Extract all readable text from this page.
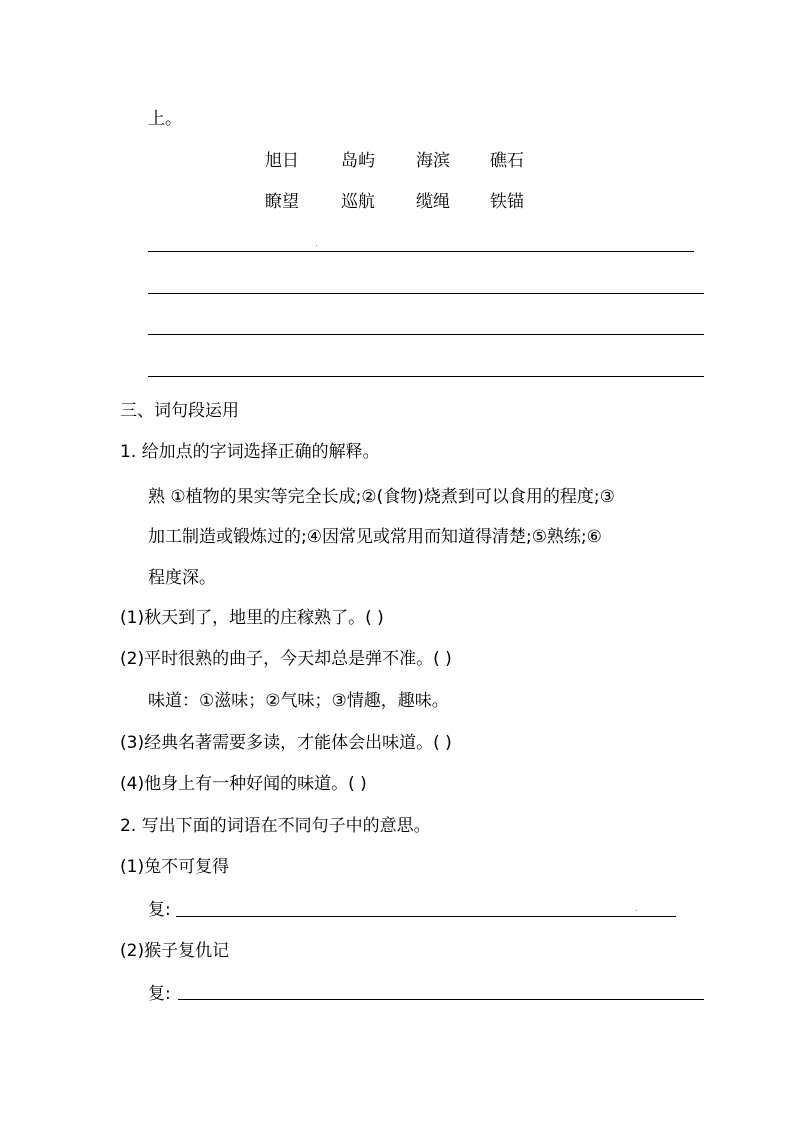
上。
旭日 岛屿 海滨 礁石
瞭望 巡航 缆绳 铁锚
三、词句段运用
1. 给加点的字词选择正确的解释。
熟 ①植物的果实等完全长成;②(食物)烧煮到可以食用的程度;③
加工制造或锻炼过的;④因常见或常用而知道得清楚;⑤熟练;⑥
程度深。
(1)秋天到了，地里的庄稼熟了。( )
(2)平时很熟的曲子，今天却总是弹不准。( )
味道：①滋味；②气味；③情趣，趣味。
(3)经典名著需要多读，才能体会出味道。( )
(4)他身上有一种好闻的味道。( )
2. 写出下面的词语在不同句子中的意思。
(1)兔不可复得
复:
(2)猴子复仇记
复:
